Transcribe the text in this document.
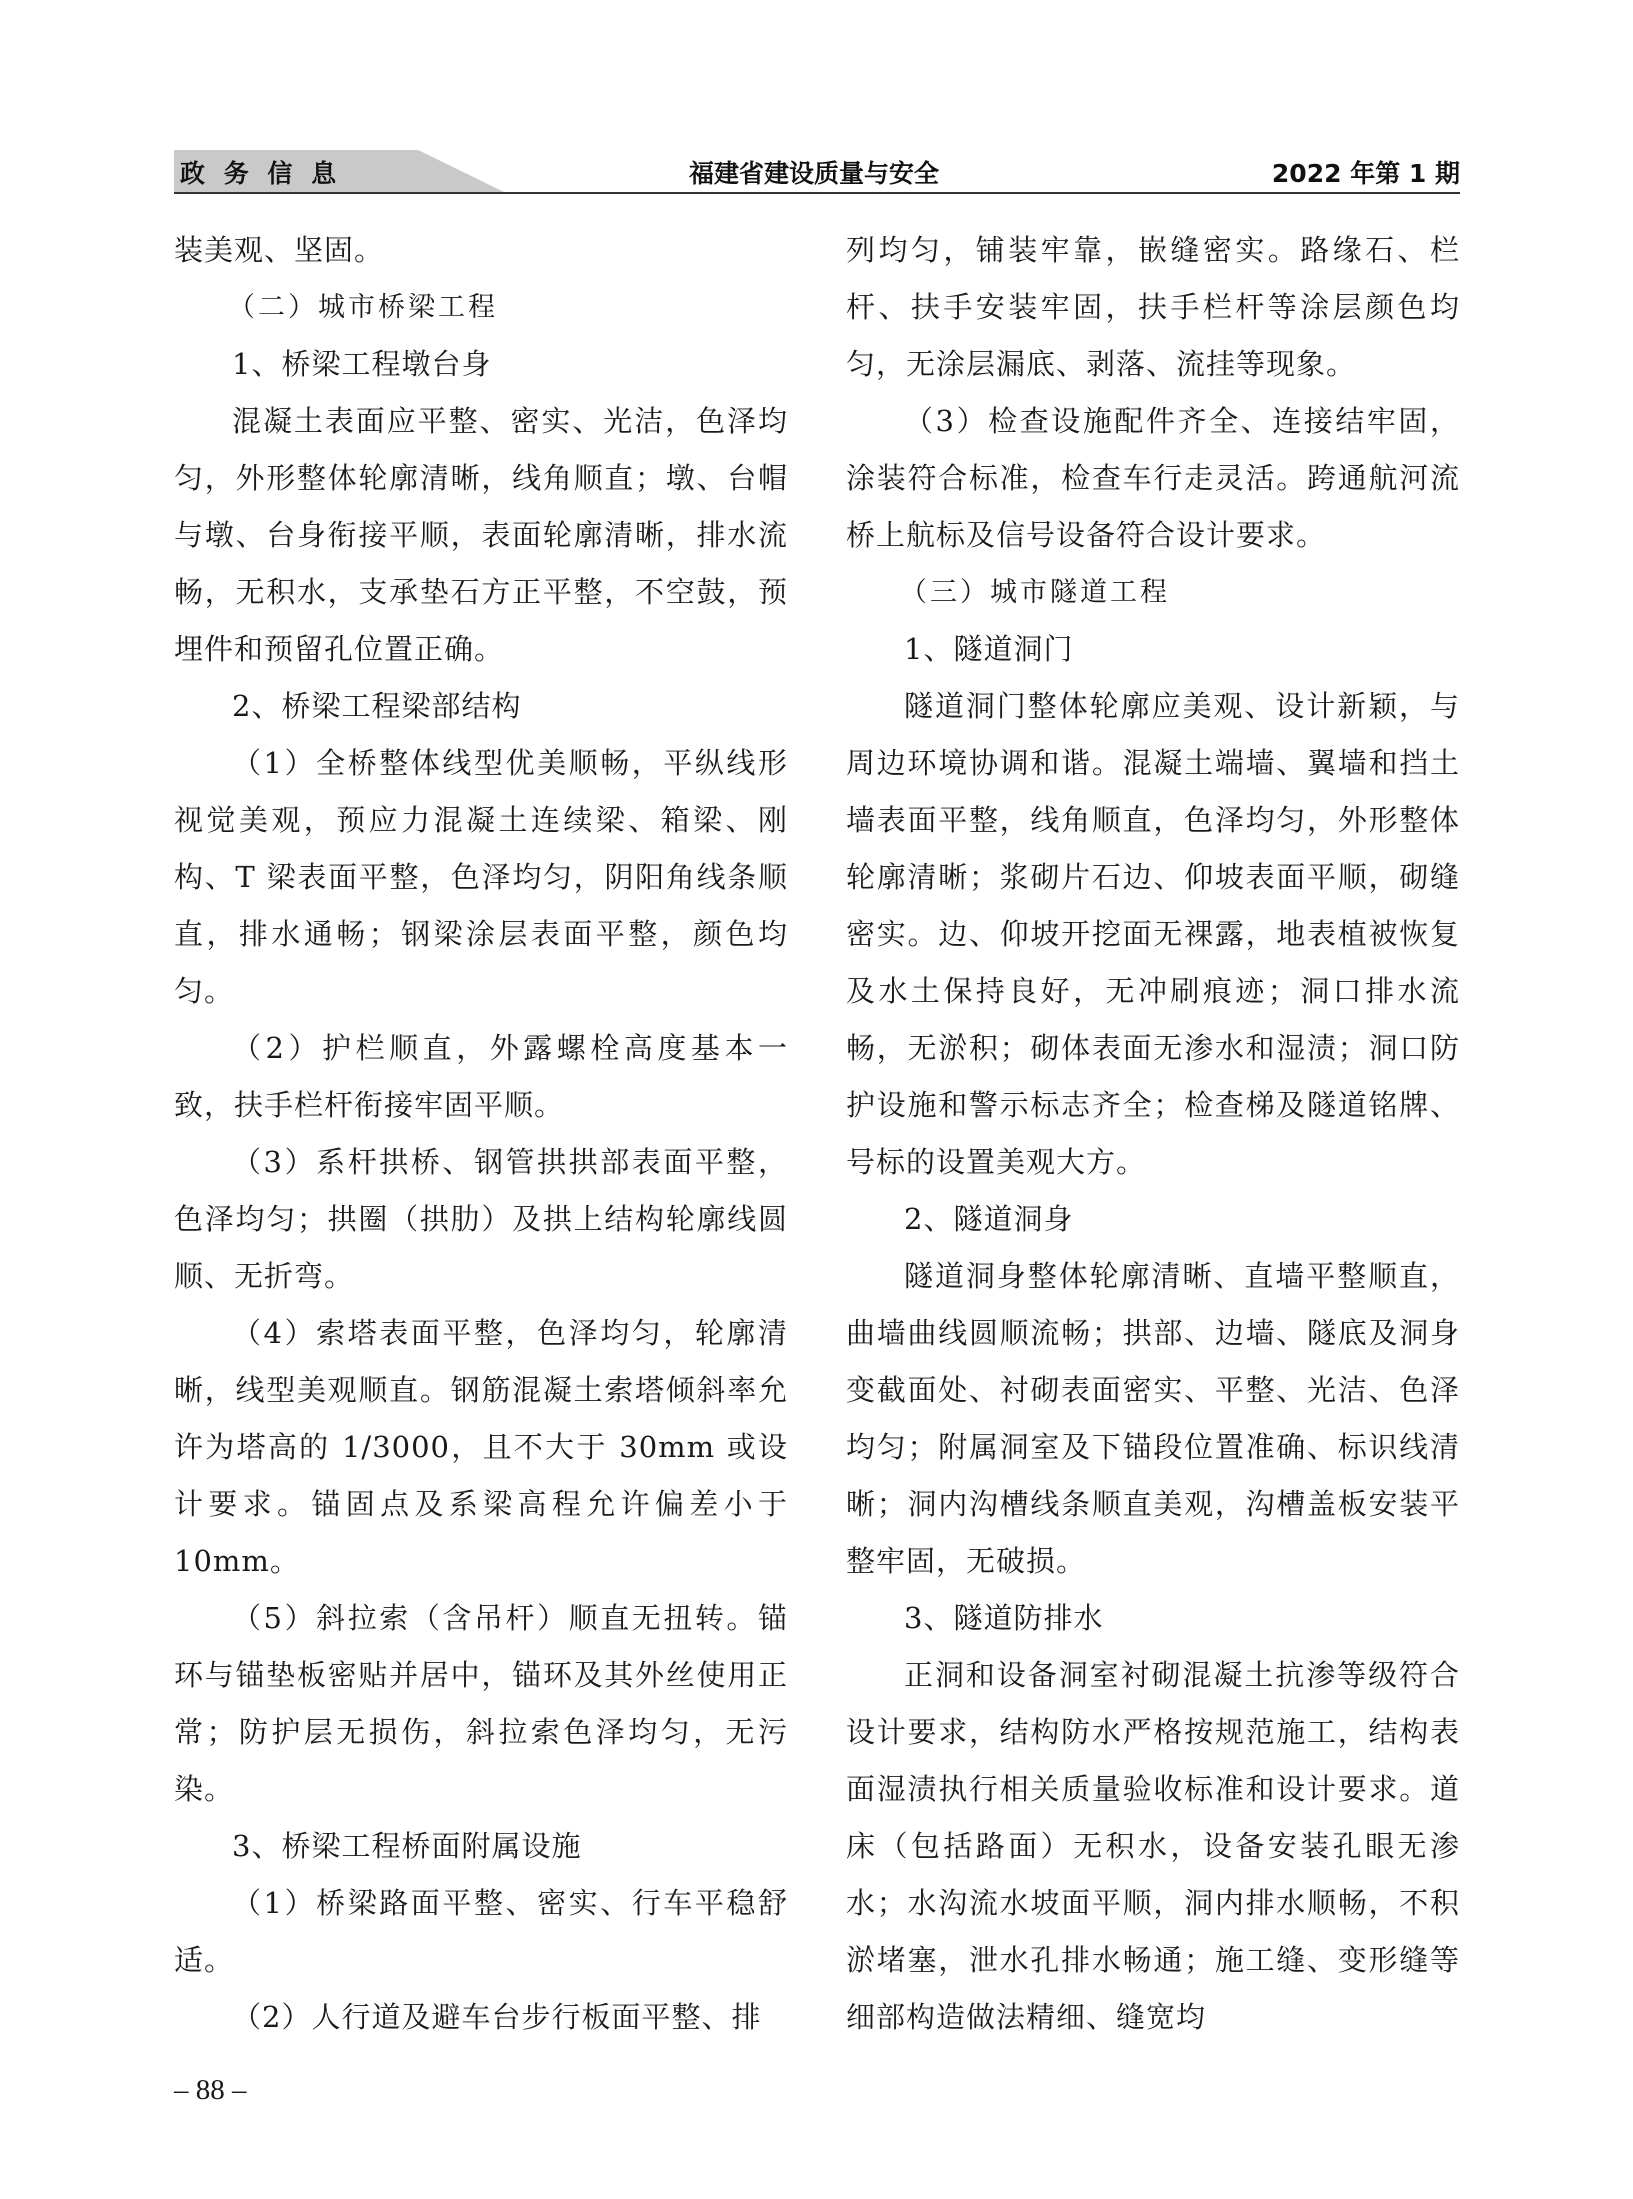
政 务 信 息	福建省建设质量与安全	2022 年第 1 期

装美观、坚固。

（二）城市桥梁工程

1、桥梁工程墩台身

混凝土表面应平整、密实、光洁，色泽均匀，外形整体轮廓清晰，线角顺直；墩、台帽与墩、台身衔接平顺，表面轮廓清晰，排水流畅，无积水，支承垫石方正平整，不空鼓，预埋件和预留孔位置正确。

2、桥梁工程梁部结构

（1）全桥整体线型优美顺畅，平纵线形视觉美观，预应力混凝土连续梁、箱梁、刚构、T 梁表面平整，色泽均匀，阴阳角线条顺直，排水通畅；钢梁涂层表面平整，颜色均匀。

（2）护栏顺直，外露螺栓高度基本一致，扶手栏杆衔接牢固平顺。

（3）系杆拱桥、钢管拱拱部表面平整，色泽均匀；拱圈（拱肋）及拱上结构轮廓线圆顺、无折弯。

（4）索塔表面平整，色泽均匀，轮廓清晰，线型美观顺直。钢筋混凝土索塔倾斜率允许为塔高的 1/3000，且不大于 30mm 或设计要求。锚固点及系梁高程允许偏差小于 10mm。

（5）斜拉索（含吊杆）顺直无扭转。锚环与锚垫板密贴并居中，锚环及其外丝使用正常；防护层无损伤，斜拉索色泽均匀，无污染。

3、桥梁工程桥面附属设施

（1）桥梁路面平整、密实、行车平稳舒适。

（2）人行道及避车台步行板面平整、排

列均匀，铺装牢靠，嵌缝密实。路缘石、栏杆、扶手安装牢固，扶手栏杆等涂层颜色均匀，无涂层漏底、剥落、流挂等现象。

（3）检查设施配件齐全、连接结牢固，涂装符合标准，检查车行走灵活。跨通航河流桥上航标及信号设备符合设计要求。

（三）城市隧道工程

1、隧道洞门

隧道洞门整体轮廓应美观、设计新颖，与周边环境协调和谐。混凝土端墙、翼墙和挡土墙表面平整，线角顺直，色泽均匀，外形整体轮廓清晰；浆砌片石边、仰坡表面平顺，砌缝密实。边、仰坡开挖面无裸露，地表植被恢复及水土保持良好，无冲刷痕迹；洞口排水流畅，无淤积；砌体表面无渗水和湿渍；洞口防护设施和警示标志齐全；检查梯及隧道铭牌、号标的设置美观大方。

2、隧道洞身

隧道洞身整体轮廓清晰、直墙平整顺直，曲墙曲线圆顺流畅；拱部、边墙、隧底及洞身变截面处、衬砌表面密实、平整、光洁、色泽均匀；附属洞室及下锚段位置准确、标识线清晰；洞内沟槽线条顺直美观，沟槽盖板安装平整牢固，无破损。

3、隧道防排水

正洞和设备洞室衬砌混凝土抗渗等级符合设计要求，结构防水严格按规范施工，结构表面湿渍执行相关质量验收标准和设计要求。道床（包括路面）无积水，设备安装孔眼无渗水；水沟流水坡面平顺，洞内排水顺畅，不积淤堵塞，泄水孔排水畅通；施工缝、变形缝等细部构造做法精细、缝宽均

– 88 –
